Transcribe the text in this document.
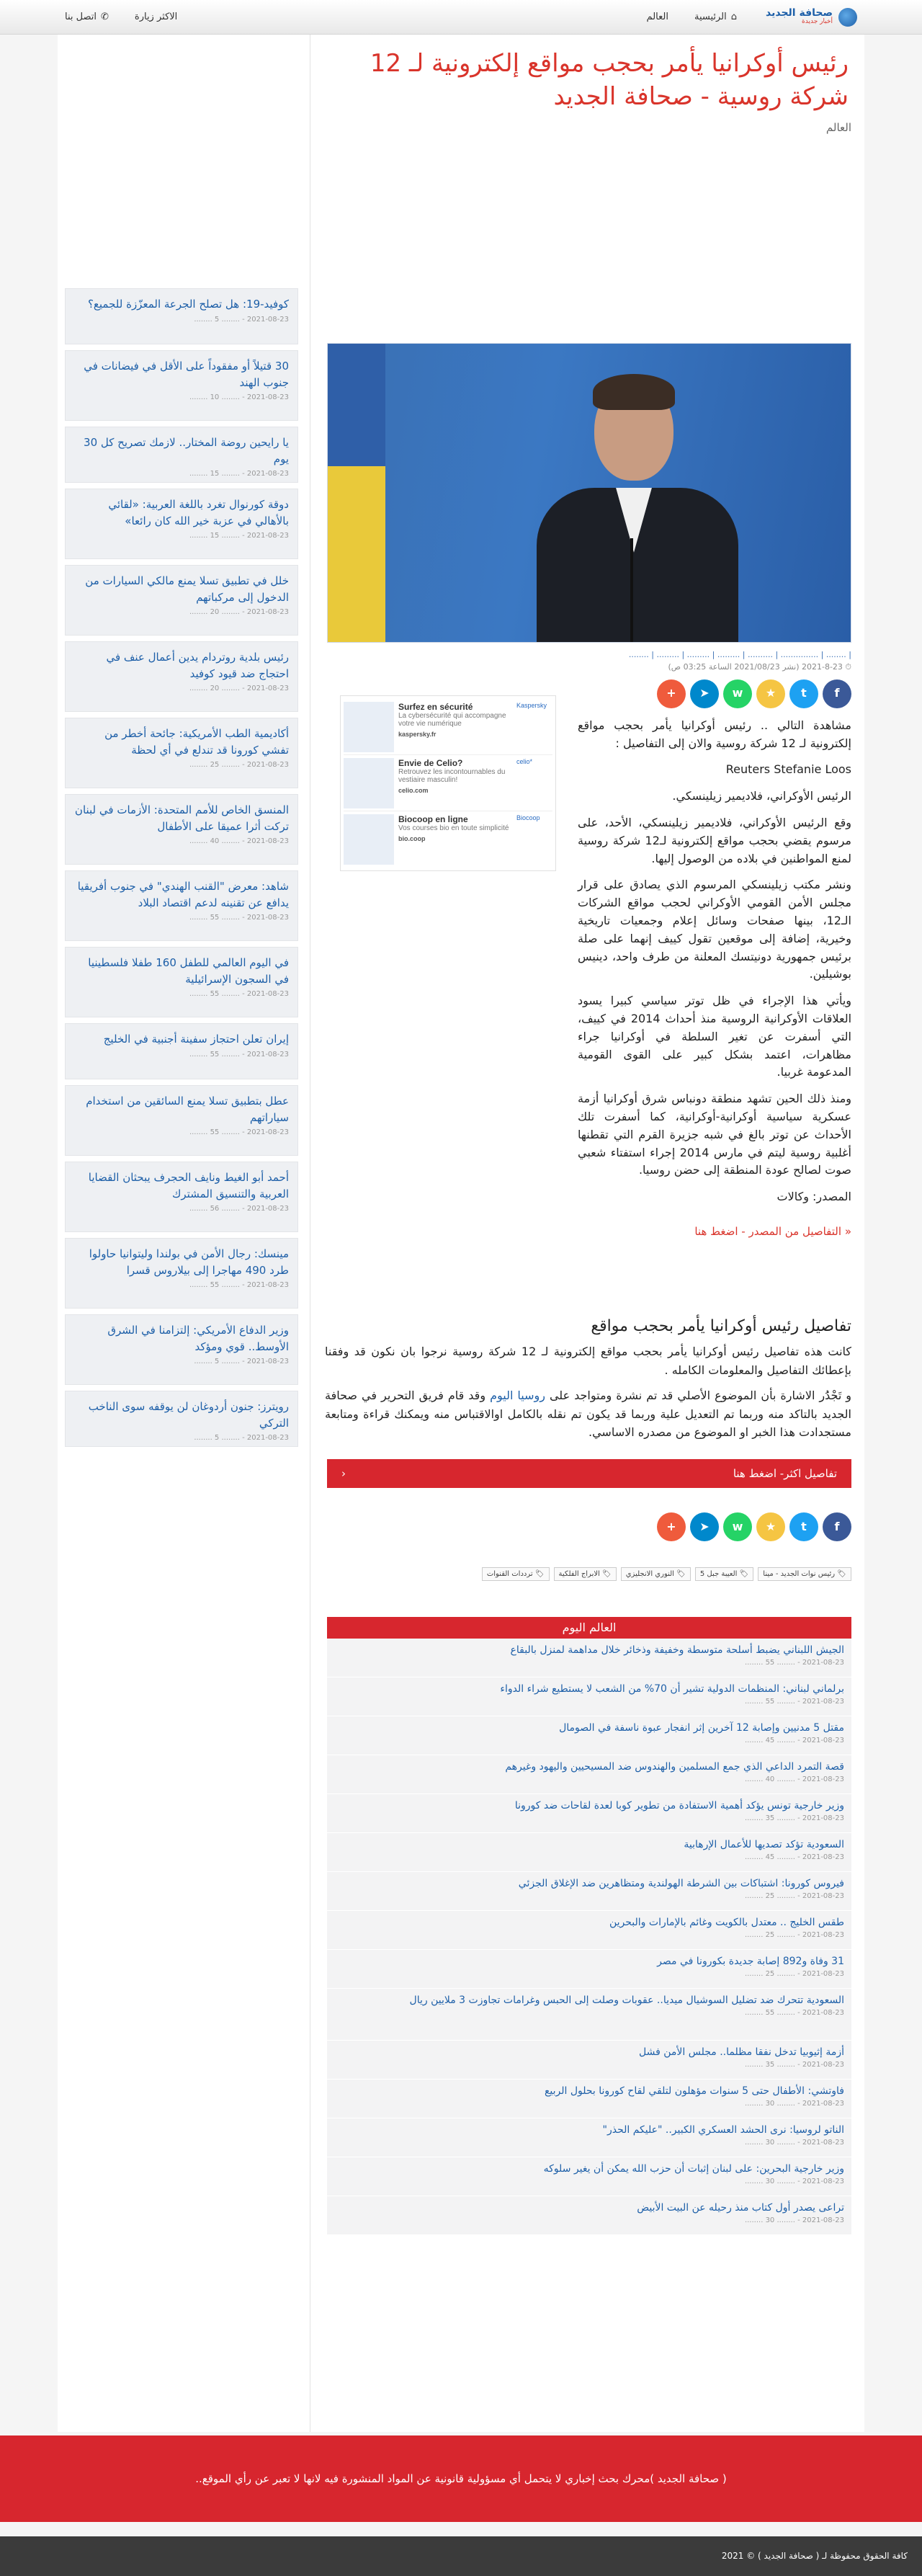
صحافة الجديد
أخبار جديدة
⌂
الرئيسية
العالم
الاكثر زيارة
✆
اتصل بنا
رئيس أوكرانيا يأمر بحجب مواقع إلكترونية لـ 12 شركة روسية - صحافة الجديد
العالم
| ........ | ............... | .......... | ......... | ......... | ......... | ........
⏱ 2021-8-23 (نشر 2021/08/23 الساعة 03:25 ص)
f
t
★
w
➤
+

مشاهدة التالي .. رئيس أوكرانيا يأمر بحجب مواقع إلكترونية لـ 12 شركة روسية والان إلى التفاصيل :

Reuters Stefanie Loos

الرئيس الأوكراني، فلاديمير زيلينسكي.

وقع الرئيس الأوكراني، فلاديمير زيلينسكي، الأحد، على مرسوم يقضي بحجب مواقع إلكترونية لـ12 شركة روسية لمنع المواطنين في بلاده من الوصول إليها.

ونشر مكتب زيلينسكي المرسوم الذي يصادق على قرار مجلس الأمن القومي الأوكراني لحجب مواقع الشركات الـ12، بينها صفحات وسائل إعلام وجمعيات تاريخية وخيرية، إضافة إلى موقعين تقول كييف إنهما على صلة برئيس جمهورية دونيتسك المعلنة من طرف واحد، دينيس بوشيلين.

ويأتي هذا الإجراء في ظل توتر سياسي كبيرا يسود العلاقات الأوكرانية الروسية منذ أحداث 2014 في كييف، التي أسفرت عن تغير السلطة في أوكرانيا جراء مظاهرات، اعتمد بشكل كبير على القوى القومية المدعومة غربيا.

ومنذ ذلك الحين تشهد منطقة دونباس شرق أوكرانيا أزمة عسكرية سياسية أوكرانية-أوكرانية، كما أسفرت تلك الأحداث عن توتر بالغ في شبه جزيرة القرم التي تقطنها أغلبية روسية ليتم في مارس 2014 إجراء استفتاء شعبي صوت لصالح عودة المنطقة إلى حضن روسيا.

المصدر: وكالات

Kaspersky
Surfez en sécurité
La cybersécurité qui accompagne votre vie numérique
kaspersky.fr
celio*
Envie de Celio?
Retrouvez les incontournables du vestiaire masculin!
celio.com
Biocoop
Biocoop en ligne
Vos courses bio en toute simplicité
bio.coop
« التفاصيل من المصدر - اضغط هنا
تفاصيل رئيس أوكرانيا يأمر بحجب مواقع

كانت هذه تفاصيل رئيس أوكرانيا يأمر بحجب مواقع إلكترونية لـ 12 شركة روسية نرجوا بان نكون قد وفقنا بإعطائك التفاصيل والمعلومات الكامله .

و تَجْدَُر الاشارة بأن الموضوع الأصلي قد تم نشرة ومتواجد على روسيا اليوم وقد قام فريق التحرير في صحافة الجديد بالتاكد منه وربما تم التعديل علية وربما قد يكون تم نقله بالكامل اوالاقتباس منه ويمكنك قراءة ومتابعة مستجدادت هذا الخبر او الموضوع من مصدره الاساسي.

تفاصيل اكثر- اضغط هنا
‹
f
t
★
w
➤
+
🏷 رئيس نوات الجديد - مينا
🏷 العيبة جبل 5
🏷 النوري الانجليزي
🏷 الابراج الفلكية
🏷 ترددات القنوات
العالم اليوم
الجيش اللبناني يضبط أسلحة متوسطة وخفيفة وذخائر خلال مداهمة لمنزل بالبقاع
2021-08-23 - ........ 55 ........
برلماني لبناني: المنظمات الدولية تشير أن 70% من الشعب لا يستطيع شراء الدواء
2021-08-23 - ........ 55 ........
مقتل 5 مدنيين وإصابة 12 آخرين إثر انفجار عبوة ناسفة في الصومال
2021-08-23 - ........ 45 ........
قصة التمرد الداعي الذي جمع المسلمين والهندوس ضد المسيحيين واليهود وغيرهم
2021-08-23 - ........ 40 ........
وزير خارجية تونس يؤكد أهمية الاستفادة من تطوير كوبا لعدة لقاحات ضد كورونا
2021-08-23 - ........ 35 ........
السعودية تؤكد تصديها للأعمال الإرهابية
2021-08-23 - ........ 45 ........
فيروس كورونا: اشتباكات بين الشرطة الهولندية ومتظاهرين ضد الإغلاق الجزئي
2021-08-23 - ........ 25 ........
طقس الخليج .. معتدل بالكويت وغائم بالإمارات والبحرين
2021-08-23 - ........ 25 ........
31 وفاة و892 إصابة جديدة بكورونا في مصر
2021-08-23 - ........ 25 ........
السعودية تتحرك ضد تضليل السوشيال ميديا.. عقوبات وصلت إلى الحبس وغرامات تجاوزت 3 ملايين ريال
2021-08-23 - ........ 55 ........
أزمة إثيوبيا تدخل نفقا مظلما.. مجلس الأمن فشل
2021-08-23 - ........ 35 ........
فاوتشي: الأطفال حتى 5 سنوات مؤهلون لتلقي لقاح كورونا بحلول الربيع
2021-08-23 - ........ 30 ........
الناتو لروسيا: نرى الحشد العسكري الكبير.. "عليكم الحذر"
2021-08-23 - ........ 30 ........
وزير خارجية البحرين: على لبنان إثبات أن حزب الله يمكن أن يغير سلوكه
2021-08-23 - ........ 30 ........
تراعى يصدر أول كتاب منذ رحيله عن البيت الأبيض
2021-08-23 - ........ 30 ........
كوفيد-19: هل تصلح الجرعة المعزّزة للجميع؟
2021-08-23 - ........ 5 ........
30 قتيلاً أو مفقوداً على الأقل في فيضانات في جنوب الهند
2021-08-23 - ........ 10 ........
يا رايحين روضة المختار.. لازمك تصريح كل 30 يوم
2021-08-23 - ........ 15 ........
دوقة كورنوال تغرد باللغة العربية: «لقائي بالأهالي في عزبة خير الله كان رائعا»
2021-08-23 - ........ 15 ........
خلل في تطبيق تسلا يمنع مالكي السيارات من الدخول إلى مركباتهم
2021-08-23 - ........ 20 ........
رئيس بلدية روتردام يدين أعمال عنف في احتجاج ضد قيود كوفيد
2021-08-23 - ........ 20 ........
أكاديمية الطب الأمريكية: جائحة أخطر من تفشي كورونا قد تندلع في أي لحظة
2021-08-23 - ........ 25 ........
المنسق الخاص للأمم المتحدة: الأزمات في لبنان تركت أثرا عميقا على الأطفال
2021-08-23 - ........ 40 ........
شاهد: معرض "القنب الهندي" في جنوب أفريقيا يدافع عن تقنينه لدعم اقتصاد البلاد
2021-08-23 - ........ 55 ........
في اليوم العالمي للطفل 160 طفلا فلسطينيا في السجون الإسرائيلية
2021-08-23 - ........ 55 ........
إيران تعلن احتجاز سفينة أجنبية في الخليج
2021-08-23 - ........ 55 ........
عطل بتطبيق تسلا يمنع السائقين من استخدام سياراتهم
2021-08-23 - ........ 55 ........
أحمد أبو الغيط ونايف الحجرف يبحثان القضايا العربية والتنسيق المشترك
2021-08-23 - ........ 56 ........
مينسك: رجال الأمن في بولندا وليتوانيا حاولوا طرد 490 مهاجرا إلى بيلاروس قسرا
2021-08-23 - ........ 55 ........
وزير الدفاع الأمريكي: إلتزامنا في الشرق الأوسط.. قوي ومؤكد
2021-08-23 - ........ 5 ........
رويترز: جنون أردوغان لن يوقفه سوى الناخب التركي
2021-08-23 - ........ 5 ........
( صحافة الجديد )محرك بحث إخباري لا يتحمل أي مسؤولية قانونية عن المواد المنشورة فيه لانها لا تعبر عن رأي الموقع..
كافة الحقوق محفوظة لـ ( صحافة الجديد ) © 2021
